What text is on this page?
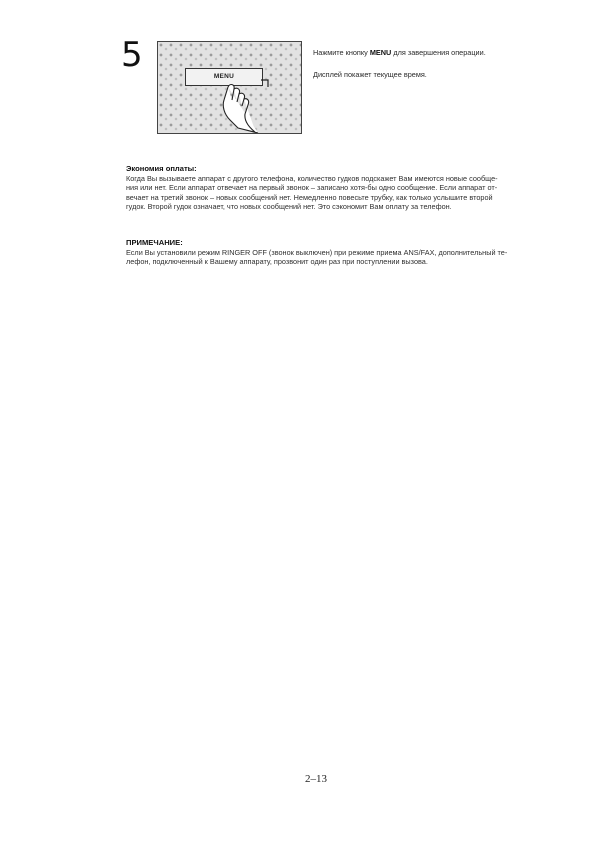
5
MENU
Нажмите кнопку MENU для завершения операции.
Дисплей покажет текущее время.
Экономия оплаты:
Когда Вы вызываете аппарат с другого телефона, количество гудков подскажет Вам имеются новые сообще-
ния или нет. Если аппарат отвечает на первый звонок – записано хотя-бы одно сообщение. Если аппарат от-
вечает на третий звонок – новых сообщений нет. Немедленно повесьте трубку, как только услышите второй
гудок. Второй гудок означает, что новых сообщений нет. Это сэкономит Вам оплату за телефон.
ПРИМЕЧАНИЕ:
Если Вы установили режим RINGER OFF (звонок выключен) при режиме приема ANS/FAX, дополнительный те-
лефон, подключенный к Вашему аппарату, прозвонит один раз при поступлении вызова.
2–13
